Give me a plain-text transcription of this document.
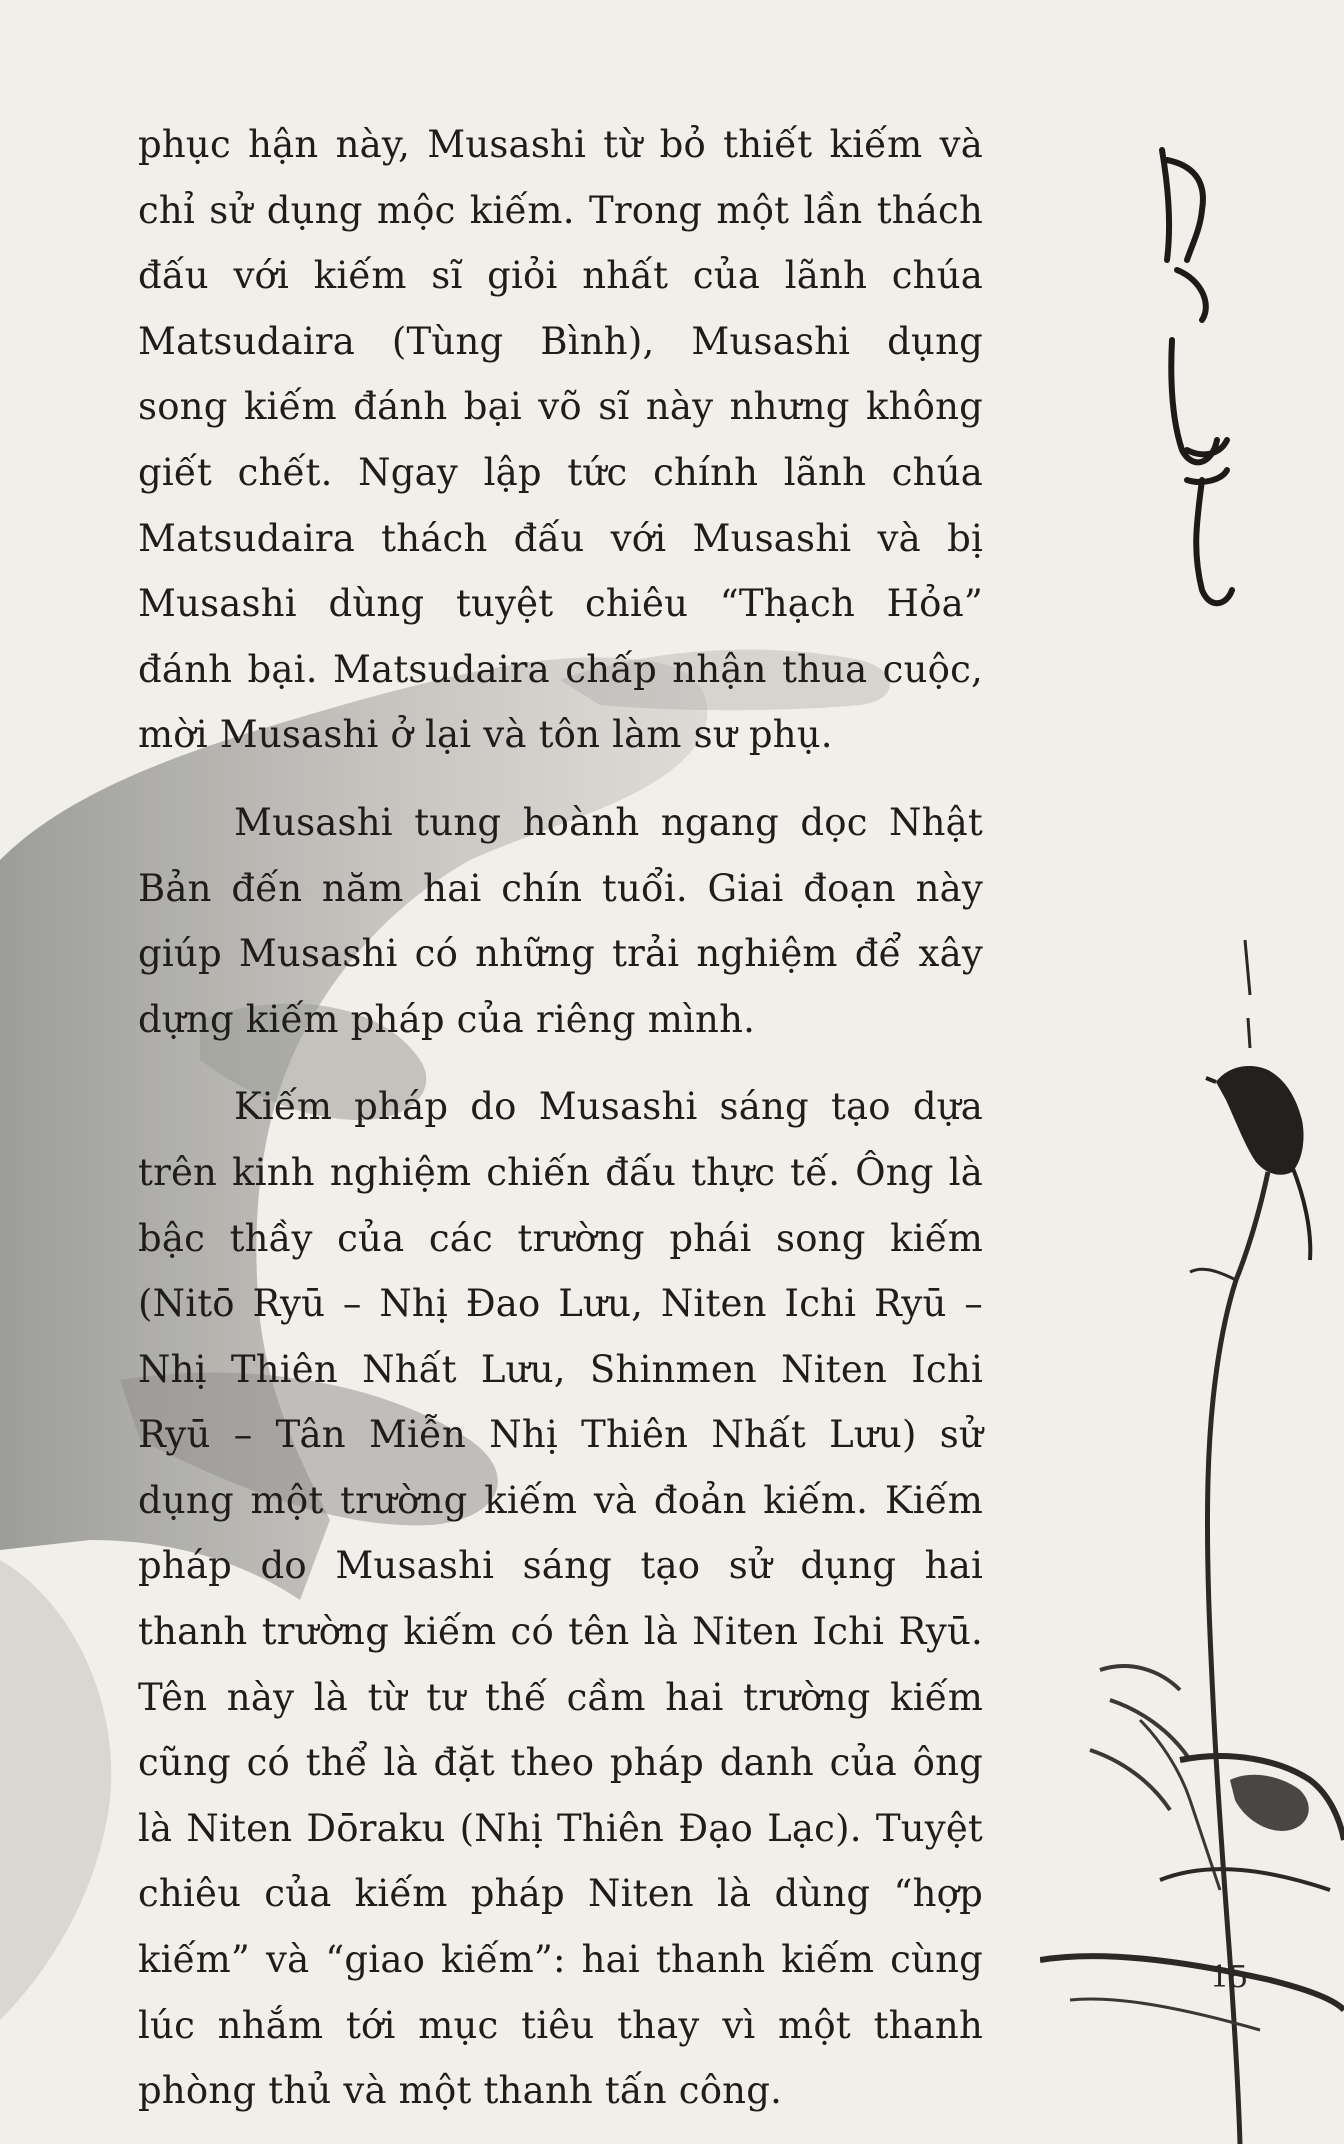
phục hận này, Musashi từ bỏ thiết kiếm và chỉ sử dụng mộc kiếm. Trong một lần thách đấu với kiếm sĩ giỏi nhất của lãnh chúa Matsudaira (Tùng Bình), Musashi dụng song kiếm đánh bại võ sĩ này nhưng không giết chết. Ngay lập tức chính lãnh chúa Matsudaira thách đấu với Musashi và bị Musashi dùng tuyệt chiêu “Thạch Hỏa” đánh bại. Matsudaira chấp nhận thua cuộc, mời Musashi ở lại và tôn làm sư phụ.

Musashi tung hoành ngang dọc Nhật Bản đến năm hai chín tuổi. Giai đoạn này giúp Musashi có những trải nghiệm để xây dựng kiếm pháp của riêng mình.

Kiếm pháp do Musashi sáng tạo dựa trên kinh nghiệm chiến đấu thực tế. Ông là bậc thầy của các trường phái song kiếm (Nitō Ryū – Nhị Đao Lưu, Niten Ichi Ryū – Nhị Thiên Nhất Lưu, Shinmen Niten Ichi Ryū – Tân Miễn Nhị Thiên Nhất Lưu) sử dụng một trường kiếm và đoản kiếm. Kiếm pháp do Musashi sáng tạo sử dụng hai thanh trường kiếm có tên là Niten Ichi Ryū. Tên này là từ tư thế cầm hai trường kiếm cũng có thể là đặt theo pháp danh của ông là Niten Dōraku (Nhị Thiên Đạo Lạc). Tuyệt chiêu của kiếm pháp Niten là dùng “hợp kiếm” và “giao kiếm”: hai thanh kiếm cùng lúc nhắm tới mục tiêu thay vì một thanh phòng thủ và một thanh tấn công.

15
